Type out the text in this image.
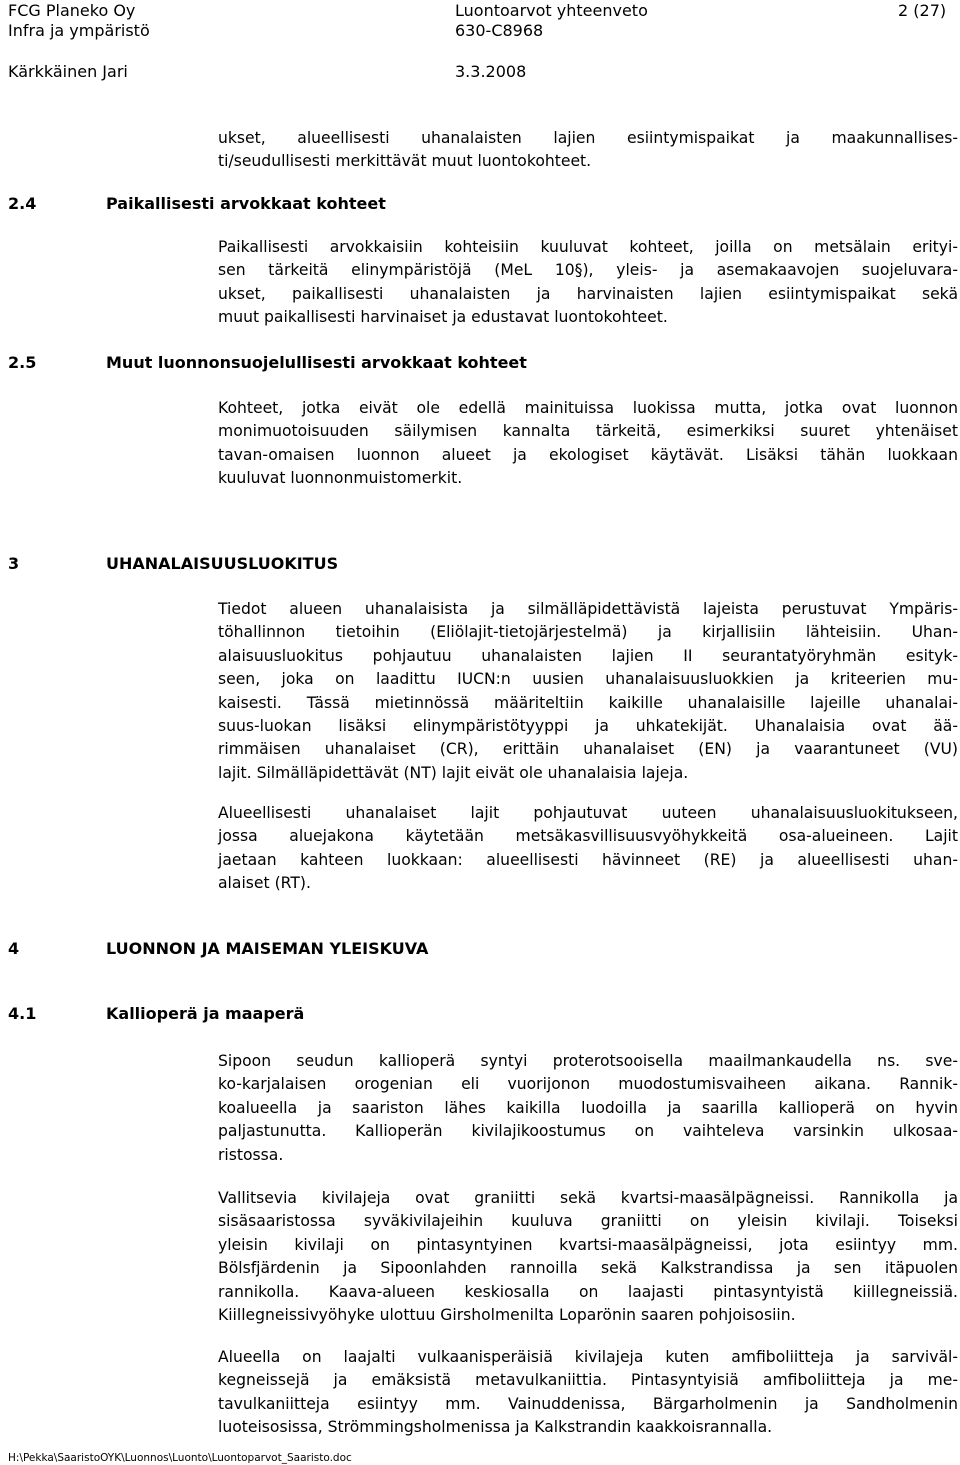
FCG Planeko Oy
Infra ja ympäristö
Kärkkäinen Jari
Luontoarvot yhteenveto
630-C8968
3.3.2008
2 (27)
ukset, alueellisesti uhanalaisten lajien esiintymispaikat ja maakunnallises-
ti/seudullisesti merkittävät muut luontokohteet.
2.4	Paikallisesti arvokkaat kohteet
Paikallisesti arvokkaisiin kohteisiin kuuluvat kohteet, joilla on metsälain erityi-
sen tärkeitä elinympäristöjä (MeL 10§), yleis- ja asemakaavojen suojeluvara-
ukset, paikallisesti uhanalaisten ja harvinaisten lajien esiintymispaikat sekä
muut paikallisesti harvinaiset ja edustavat luontokohteet.
2.5	Muut luonnonsuojelullisesti arvokkaat kohteet
Kohteet, jotka eivät ole edellä mainituissa luokissa mutta, jotka ovat luonnon
monimuotoisuuden säilymisen kannalta tärkeitä, esimerkiksi suuret yhtenäiset
tavan-omaisen luonnon alueet ja ekologiset käytävät. Lisäksi tähän luokkaan
kuuluvat luonnonmuistomerkit.
3	UHANALAISUUSLUOKITUS
Tiedot alueen uhanalaisista ja silmälläpidettävistä lajeista perustuvat Ympäris-
töhallinnon tietoihin (Eliölajit-tietojärjestelmä) ja kirjallisiin lähteisiin. Uhan-
alaisuusluokitus pohjautuu uhanalaisten lajien II seurantatyöryhmän esityk-
seen, joka on laadittu IUCN:n uusien uhanalaisuusluokkien ja kriteerien mu-
kaisesti. Tässä mietinnössä määriteltiin kaikille uhanalaisille lajeille uhanalai-
suus-luokan lisäksi elinympäristötyyppi ja uhkatekijät. Uhanalaisia ovat ää-
rimmäisen uhanalaiset (CR), erittäin uhanalaiset (EN) ja vaarantuneet (VU)
lajit. Silmälläpidettävät (NT) lajit eivät ole uhanalaisia lajeja.
Alueellisesti uhanalaiset lajit pohjautuvat uuteen uhanalaisuusluokitukseen,
jossa aluejakona käytetään metsäkasvillisuusvyöhykkeitä osa-alueineen. Lajit
jaetaan kahteen luokkaan: alueellisesti hävinneet (RE) ja alueellisesti uhan-
alaiset (RT).
4	LUONNON JA MAISEMAN YLEISKUVA
4.1	Kallioperä ja maaperä
Sipoon seudun kallioperä syntyi proterotsooisella maailmankaudella ns. sve-
ko-karjalaisen orogenian eli vuorijonon muodostumisvaiheen aikana. Rannik-
koalueella ja saariston lähes kaikilla luodoilla ja saarilla kallioperä on hyvin
paljastunutta. Kallioperän kivilajikoostumus on vaihteleva varsinkin ulkosaa-
ristossa.
Vallitsevia kivilajeja ovat graniitti sekä kvartsi-maasälpägneissi. Rannikolla ja
sisäsaaristossa syväkivilajeihin kuuluva graniitti on yleisin kivilaji. Toiseksi
yleisin kivilaji on pintasyntyinen kvartsi-maasälpägneissi, jota esiintyy mm.
Bölsfjärdenin ja Sipoonlahden rannoilla sekä Kalkstrandissa ja sen itäpuolen
rannikolla. Kaava-alueen keskiosalla on laajasti pintasyntyistä kiillegneissiä.
Kiillegneissivyöhyke ulottuu Girsholmenilta Loparönin saaren pohjoisosiin.
Alueella on laajalti vulkaanisperäisiä kivilajeja kuten amfiboliitteja ja sarviväl-
kegneissejä ja emäksistä metavulkaniittia. Pintasyntyisiä amfiboliitteja ja me-
tavulkaniitteja esiintyy mm. Vainuddenissa, Bärgarholmenin ja Sandholmenin
luoteisosissa, Strömmingsholmenissa ja Kalkstrandin kaakkoisrannalla.
H:\Pekka\SaaristoOYK\Luonnos\Luonto\Luontoparvot_Saaristo.doc
